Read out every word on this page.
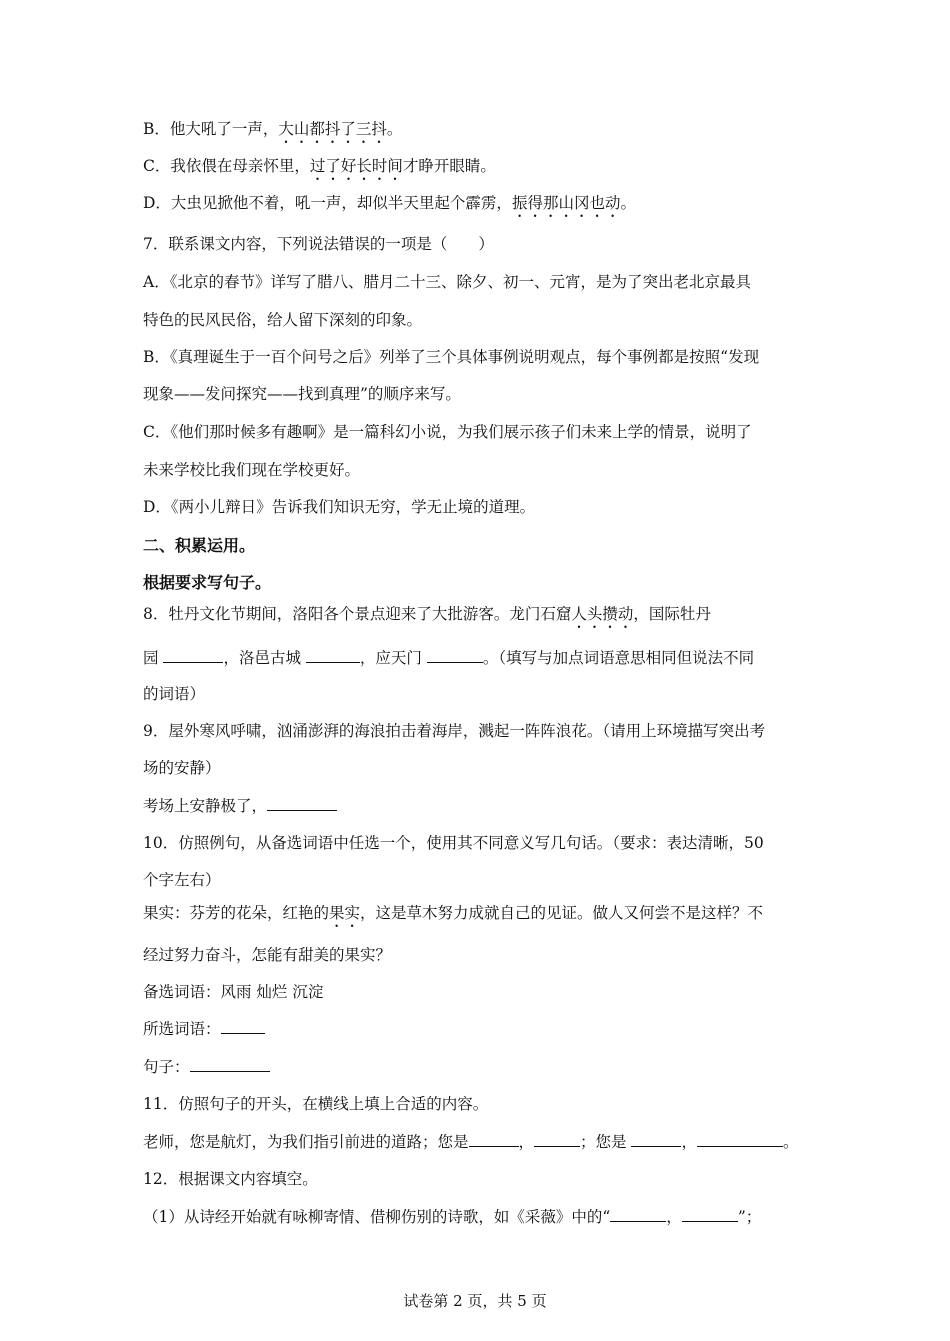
B．他大吼了一声，大山都抖了三抖。
C．我依偎在母亲怀里，过了好长时间才睁开眼睛。
D．大虫见掀他不着，吼一声，却似半天里起个霹雳，振得那山冈也动。
7．联系课文内容，下列说法错误的一项是（　　）
A．《北京的春节》详写了腊八、腊月二十三、除夕、初一、元宵，是为了突出老北京最具
特色的民风民俗，给人留下深刻的印象。
B．《真理诞生于一百个问号之后》列举了三个具体事例说明观点，每个事例都是按照“发现
现象——发问探究——找到真理”的顺序来写。
C．《他们那时候多有趣啊》是一篇科幻小说，为我们展示孩子们未来上学的情景，说明了
未来学校比我们现在学校更好。
D．《两小儿辩日》告诉我们知识无穷，学无止境的道理。
二、积累运用。
根据要求写句子。
8．牡丹文化节期间，洛阳各个景点迎来了大批游客。龙门石窟人头攒动，国际牡丹
园	，洛邑古城	，应天门	。（填写与加点词语意思相同但说法不同
的词语）
9．屋外寒风呼啸，汹涌澎湃的海浪拍击着海岸，溅起一阵阵浪花。（请用上环境描写突出考
场的安静）
考场上安静极了，
10．仿照例句，从备选词语中任选一个，使用其不同意义写几句话。（要求：表达清晰，50
个字左右）
果实：芬芳的花朵，红艳的果实，这是草木努力成就自己的见证。做人又何尝不是这样？不
经过努力奋斗，怎能有甜美的果实？
备选词语：风雨 灿烂 沉淀
所选词语：
句子：
11．仿照句子的开头，在横线上填上合适的内容。
老师，您是航灯，为我们指引前进的道路；您是	，	；您是	，	。
12．根据课文内容填空。
（1）从诗经开始就有咏柳寄情、借柳伤别的诗歌，如《采薇》中的“	，	”；
试卷第 2 页，共 5 页
